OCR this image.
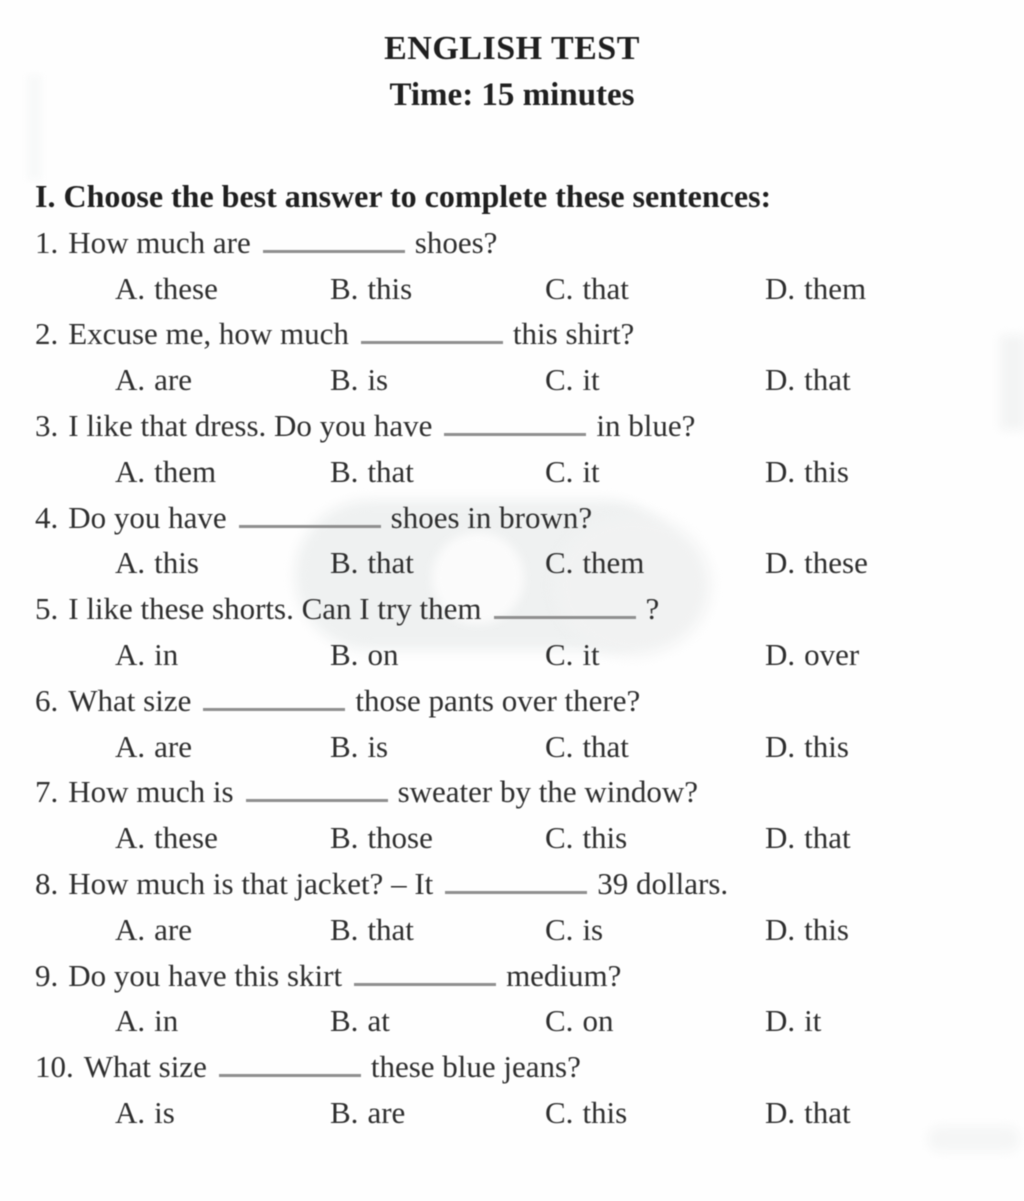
ENGLISH TEST
Time: 15 minutes
I. Choose the best answer to complete these sentences:
1. How much are	shoes?
A. these	B. this	C. that	D. them
2. Excuse me, how much	this shirt?
A. are	B. is	C. it	D. that
3. I like that dress. Do you have	in blue?
A. them	B. that	C. it	D. this
4. Do you have	shoes in brown?
A. this	B. that	C. them	D. these
5. I like these shorts. Can I try them	?
A. in	B. on	C. it	D. over
6. What size	those pants over there?
A. are	B. is	C. that	D. this
7. How much is	sweater by the window?
A. these	B. those	C. this	D. that
8. How much is that jacket? – It	39 dollars.
A. are	B. that	C. is	D. this
9. Do you have this skirt	medium?
A. in	B. at	C. on	D. it
10. What size	these blue jeans?
A. is	B. are	C. this	D. that
